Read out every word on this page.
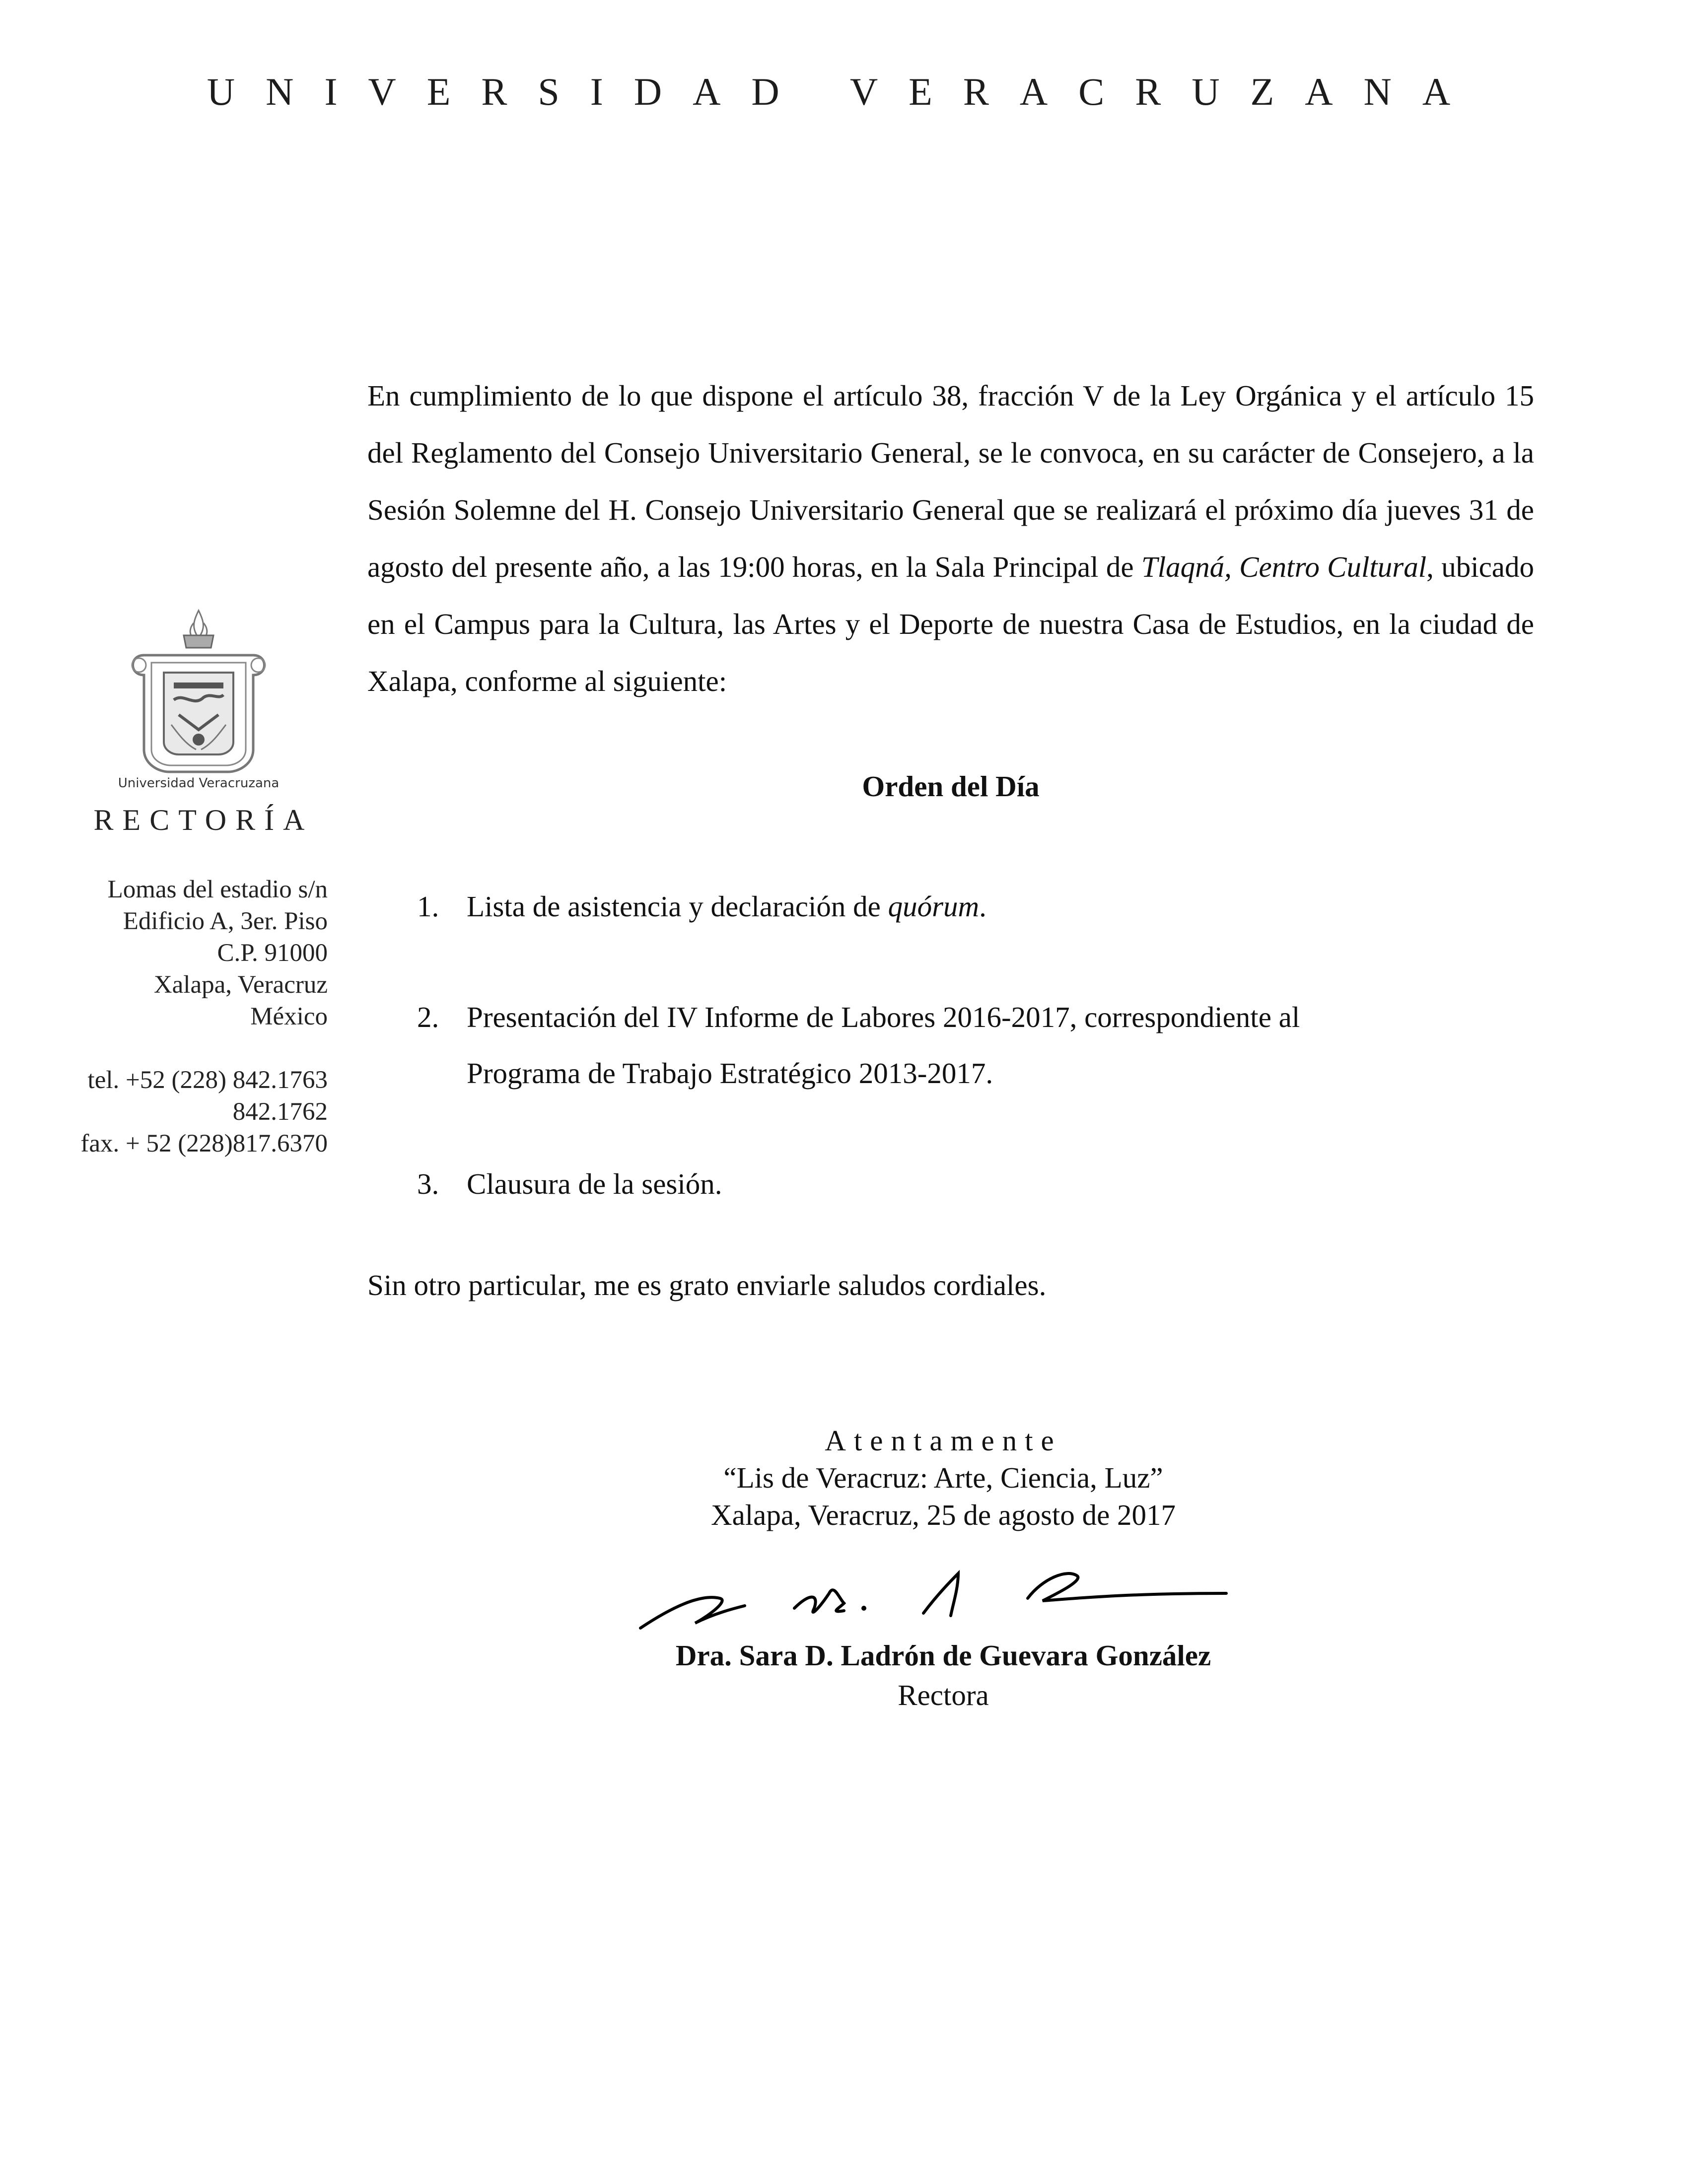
UNIVERSIDAD VERACRUZANA
Universidad Veracruzana
RECTORÍA
Lomas del estadio s/n
Edificio A, 3er. Piso
C.P. 91000
Xalapa, Veracruz
México
tel. +52 (228) 842.1763
842.1762
fax. + 52 (228)817.6370
En cumplimiento de lo que dispone el artículo 38, fracción V de la Ley Orgánica y el artículo 15 del Reglamento del Consejo Universitario General, se le convoca, en su carácter de Consejero, a la Sesión Solemne del H. Consejo Universitario General que se realizará el próximo día jueves 31 de agosto del presente año, a las 19:00 horas, en la Sala Principal de Tlaqná, Centro Cultural, ubicado en el Campus para la Cultura, las Artes y el Deporte de nuestra Casa de Estudios, en la ciudad de Xalapa, conforme al siguiente:
Orden del Día
1. Lista de asistencia y declaración de quórum.
2. Presentación del IV Informe de Labores 2016-2017, correspondiente al
Programa de Trabajo Estratégico 2013-2017.
3. Clausura de la sesión.
Sin otro particular, me es grato enviarle saludos cordiales.
Atentamente
“Lis de Veracruz: Arte, Ciencia, Luz”
Xalapa, Veracruz, 25 de agosto de 2017
Dra. Sara D. Ladrón de Guevara González
Rectora
